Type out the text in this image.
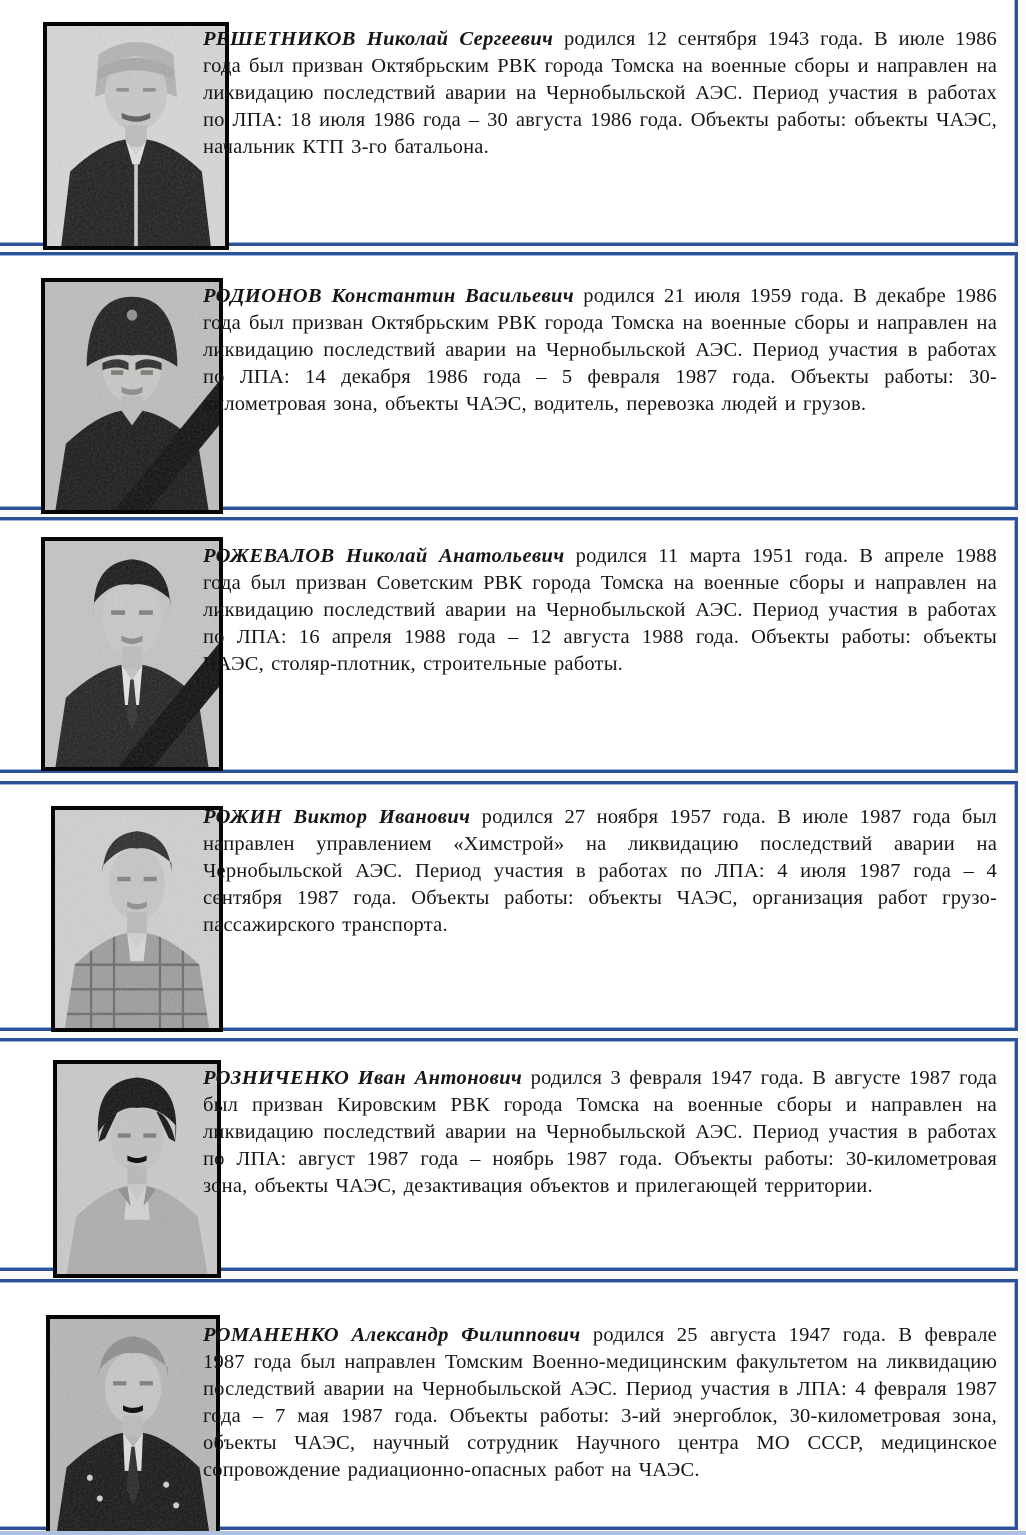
РЕШЕТНИКОВ Николай Сергеевич родился 12 сентября 1943 года. В июле 1986 года был призван Октябрьским РВК города Томска на военные сборы и направлен на ликвидацию последствий аварии на Чернобыльской АЭС. Период участия в работах по ЛПА: 18 июля 1986 года – 30 августа 1986 года. Объекты работы: объекты ЧАЭС, начальник КТП 3-го батальона.

РОДИОНОВ Константин Васильевич родился 21 июля 1959 года. В декабре 1986 года был призван Октябрьским РВК города Томска на военные сборы и направлен на ликвидацию последствий аварии на Чернобыльской АЭС. Период участия в работах по ЛПА: 14 декабря 1986 года – 5 февраля 1987 года. Объекты работы: 30-километровая зона, объекты ЧАЭС, водитель, перевозка людей и грузов.

РОЖЕВАЛОВ Николай Анатольевич родился 11 марта 1951 года. В апреле 1988 года был призван Советским РВК города Томска на военные сборы и направлен на ликвидацию последствий аварии на Чернобыльской АЭС. Период участия в работах по ЛПА: 16 апреля 1988 года – 12 августа 1988 года. Объекты работы: объекты ЧАЭС, столяр-плотник, строительные работы.

РОЖИН Виктор Иванович родился 27 ноября 1957 года. В июле 1987 года был направлен управлением «Химстрой» на ликвидацию последствий аварии на Чернобыльской АЭС. Период участия в работах по ЛПА: 4 июля 1987 года – 4 сентября 1987 года. Объекты работы: объекты ЧАЭС, организация работ грузо-пассажирского транспорта.

РОЗНИЧЕНКО Иван Антонович родился 3 февраля 1947 года. В августе 1987 года был призван Кировским РВК города Томска на военные сборы и направлен на ликвидацию последствий аварии на Чернобыльской АЭС. Период участия в работах по ЛПА: август 1987 года – ноябрь 1987 года. Объекты работы: 30-километровая зона, объекты ЧАЭС, дезактивация объектов и прилегающей территории.

РОМАНЕНКО Александр Филиппович родился 25 августа 1947 года. В феврале 1987 года был направлен Томским Военно-медицинским факультетом на ликвидацию последствий аварии на Чернобыльской АЭС. Период участия в ЛПА: 4 февраля 1987 года – 7 мая 1987 года. Объекты работы: 3-ий энергоблок, 30-километровая зона, объекты ЧАЭС, научный сотрудник Научного центра МО СССР, медицинское сопровождение радиационно-опасных работ на ЧАЭС.
